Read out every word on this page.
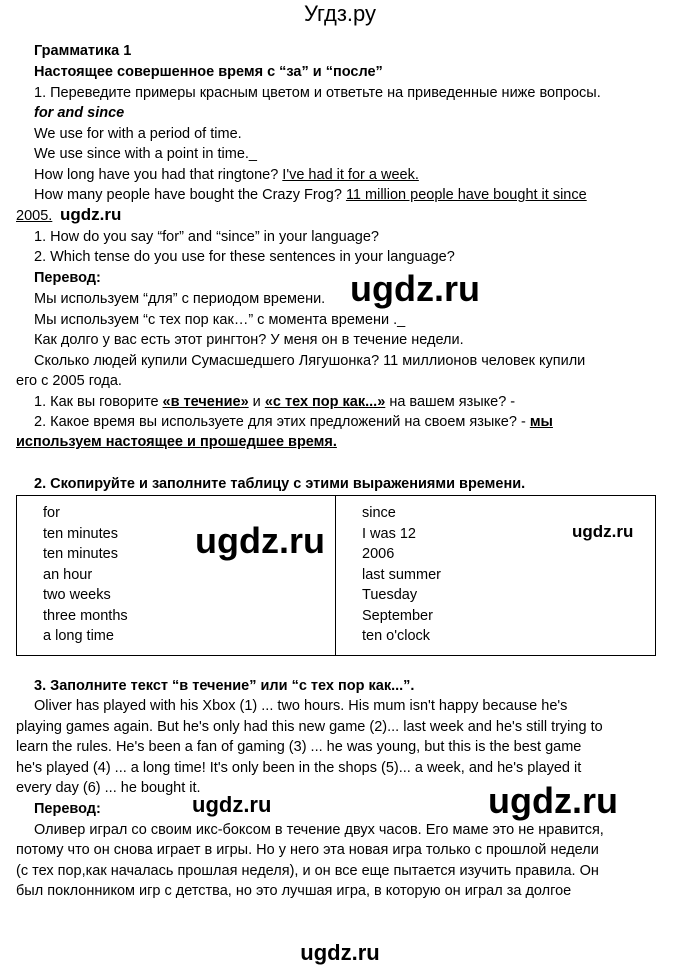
Угдз.ру
ugdz.ru
ugdz.ru
ugdz.ru	ugdz.ru
ugdz.ru	ugdz.ru
ugdz.ru
Грамматика 1
Настоящее совершенное время с “за” и “после”
1. Переведите примеры красным цветом и ответьте на приведенные ниже вопросы.
for and since
We use for with a period of time.
We use since with a point in time._
How long have you had that ringtone? I've had it for a week.
How many people have bought the Crazy Frog? 11 million people have bought it since
2005.
1. How do you say “for” and “since” in your language?
2. Which tense do you use for these sentences in your language?
Перевод:
Мы используем “для” с периодом времени.
Мы используем “с тех пор как…” с момента времени ._
Как долго у вас есть этот рингтон? У меня он в течение недели.
Сколько людей купили Сумасшедшего Лягушонка? 11 миллионов человек купили
его с 2005 года.
1. Как вы говорите «в течение» и «с тех пор как...» на вашем языке? -
2. Какое время вы используете для этих предложений на своем языке? - мы
используем настоящее и прошедшее время.
2. Скопируйте и заполните таблицу с этими выражениями времени.
for
ten minutes
ten minutes
an hour
two weeks
three months
a long time
since
I was 12
2006
last summer
Tuesday
September
ten o'clock
3. Заполните текст “в течение” или “с тех пор как...”.
Oliver has played with his Xbox (1) ... two hours. His mum isn't happy because he's
playing games again. But he's only had this new game (2)... last week and he's still trying to
learn the rules. He's been a fan of gaming (3) ... he was young, but this is the best game
he's played (4) ... a long time! It's only been in the shops (5)... a week, and he's played it
every day (6) ... he bought it.
Перевод:
Оливер играл со своим икс-боксом в течение двух часов. Его маме это не нравится,
потому что он снова играет в игры. Но у него эта новая игра только с прошлой недели
(с тех пор,как началась прошлая неделя), и он все еще пытается изучить правила. Он
был поклонником игр с детства, но это лучшая игра, в которую он играл за долгое
